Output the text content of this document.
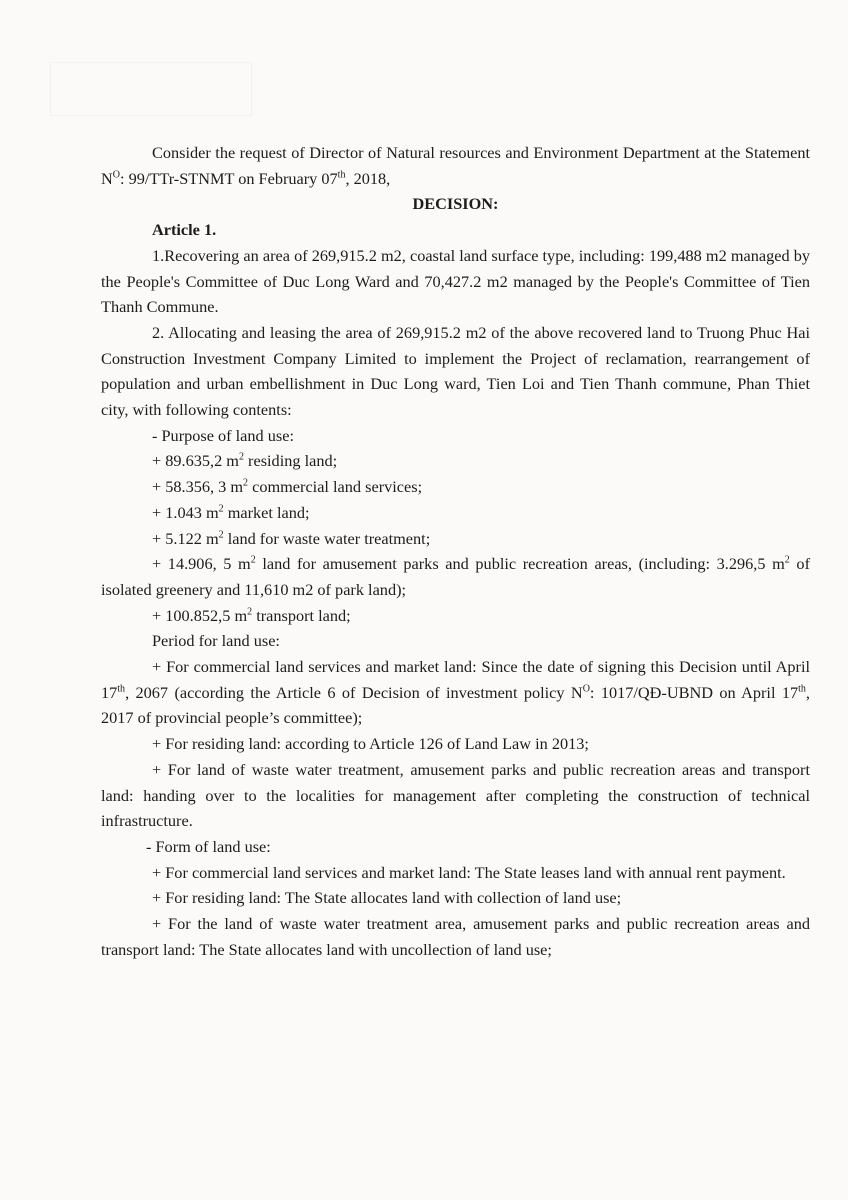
Consider the request of Director of Natural resources and Environment Department at the Statement $N^O$: 99/TTr-STNMT on February 07th, 2018,

DECISION:

Article 1.

1.Recovering an area of 269,915.2 m2, coastal land surface type, including: 199,488 m2 managed by the People's Committee of Duc Long Ward and 70,427.2 m2 managed by the People's Committee of Tien Thanh Commune.

2. Allocating and leasing the area of 269,915.2 m2 of the above recovered land to Truong Phuc Hai Construction Investment Company Limited to implement the Project of reclamation, rearrangement of population and urban embellishment in Duc Long ward, Tien Loi and Tien Thanh commune, Phan Thiet city, with following contents:

- Purpose of land use:

+ 89.635,2 $m^2$ residing land;

+ 58.356, 3 $m^2$ commercial land services;

+ 1.043 $m^2$ market land;

+ 5.122 $m^2$ land for waste water treatment;

+ 14.906, 5 $m^2$ land for amusement parks and public recreation areas, (including: 3.296,5 $m^2$ of isolated greenery and 11,610 m2 of park land);

+ 100.852,5 $m^2$ transport land;

Period for land use:

+ For commercial land services and market land: Since the date of signing this Decision until April 17th, 2067 (according the Article 6 of Decision of investment policy $N^O$: 1017/QĐ-UBND on April 17th, 2017 of provincial people’s committee);

+ For residing land: according to Article 126 of Land Law in 2013;

+ For land of waste water treatment, amusement parks and public recreation areas and transport land: handing over to the localities for management after completing the construction of technical infrastructure.

- Form of land use:

+ For commercial land services and market land: The State leases land with annual rent payment.

+ For residing land: The State allocates land with collection of land use;

+ For the land of waste water treatment area, amusement parks and public recreation areas and transport land: The State allocates land with uncollection of land use;
